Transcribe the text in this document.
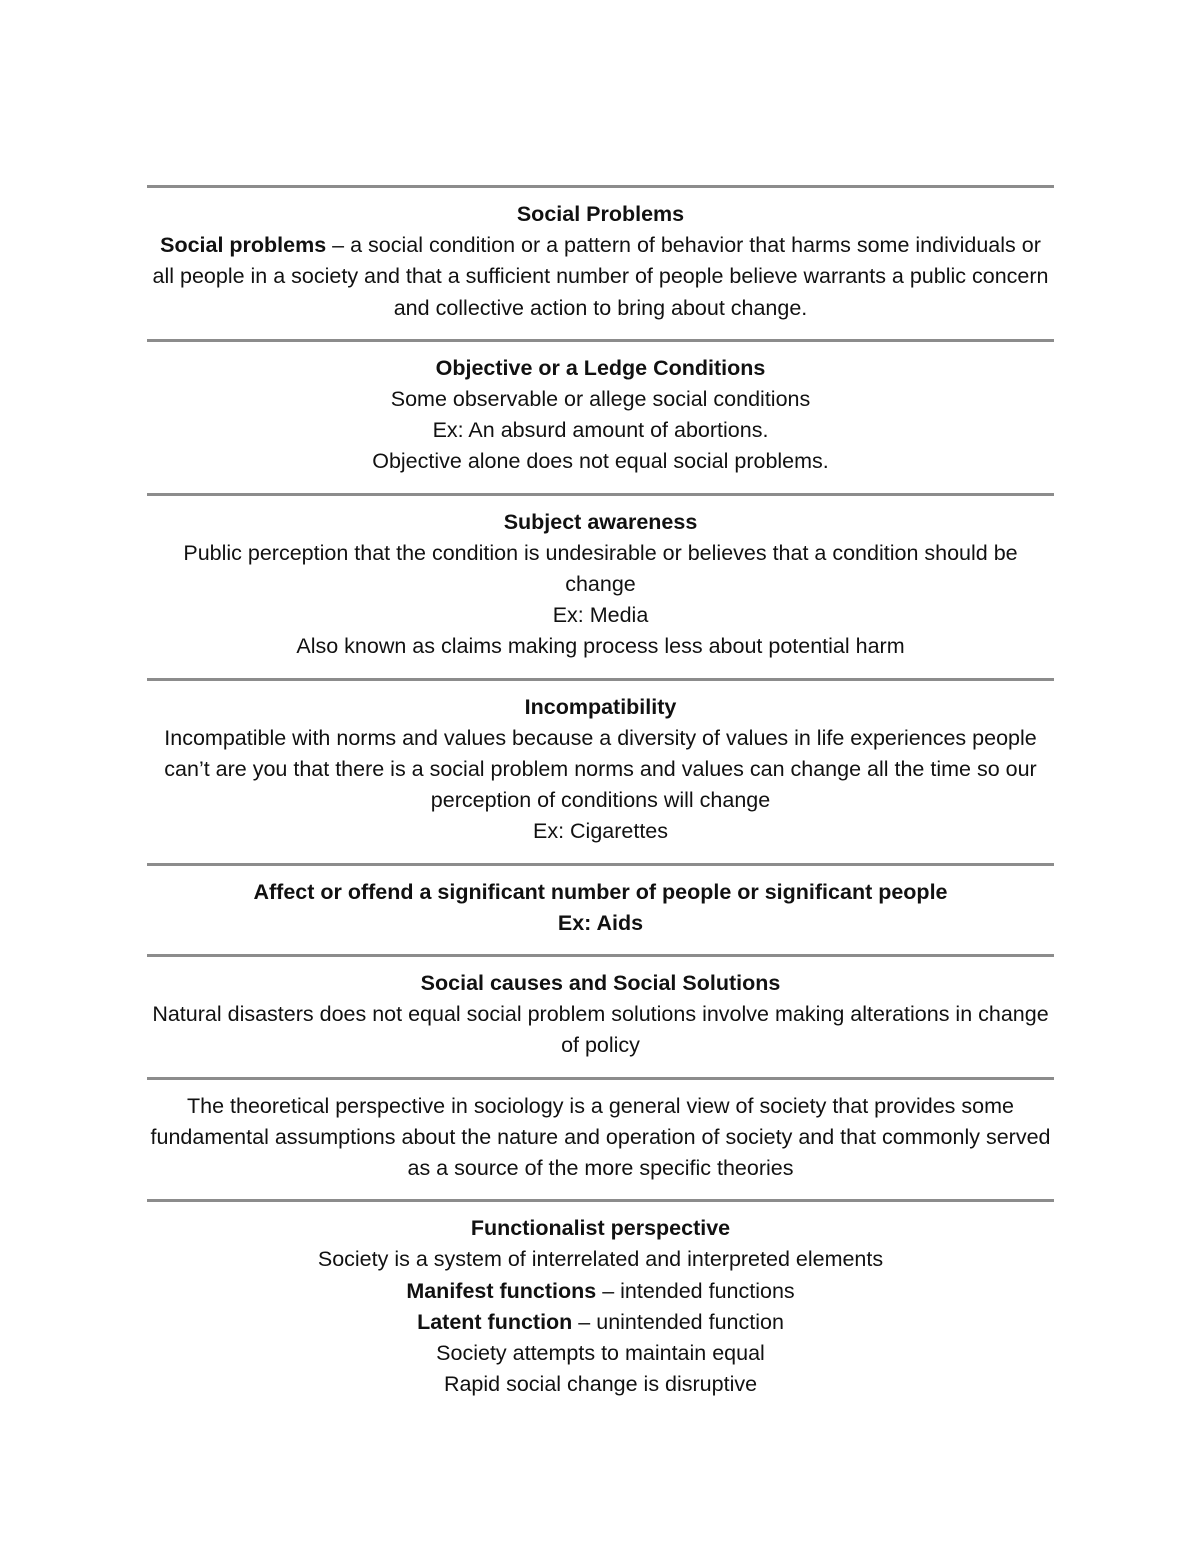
Social Problems

Social problems – a social condition or a pattern of behavior that harms some individuals or all people in a society and that a sufficient number of people believe warrants a public concern and collective action to bring about change.

Objective or a Ledge Conditions

Some observable or allege social conditions

Ex: An absurd amount of abortions.

Objective alone does not equal social problems.

Subject awareness

Public perception that the condition is undesirable or believes that a condition should be change

Ex: Media

Also known as claims making process less about potential harm

Incompatibility

Incompatible with norms and values because a diversity of values in life experiences people can’t are you that there is a social problem norms and values can change all the time so our perception of conditions will change

Ex: Cigarettes

Affect or offend a significant number of people or significant people

Ex: Aids

Social causes and Social Solutions

Natural disasters does not equal social problem solutions involve making alterations in change of policy

The theoretical perspective in sociology is a general view of society that provides some fundamental assumptions about the nature and operation of society and that commonly served as a source of the more specific theories

Functionalist perspective

Society is a system of interrelated and interpreted elements

Manifest functions – intended functions

Latent function – unintended function

Society attempts to maintain equal

Rapid social change is disruptive
